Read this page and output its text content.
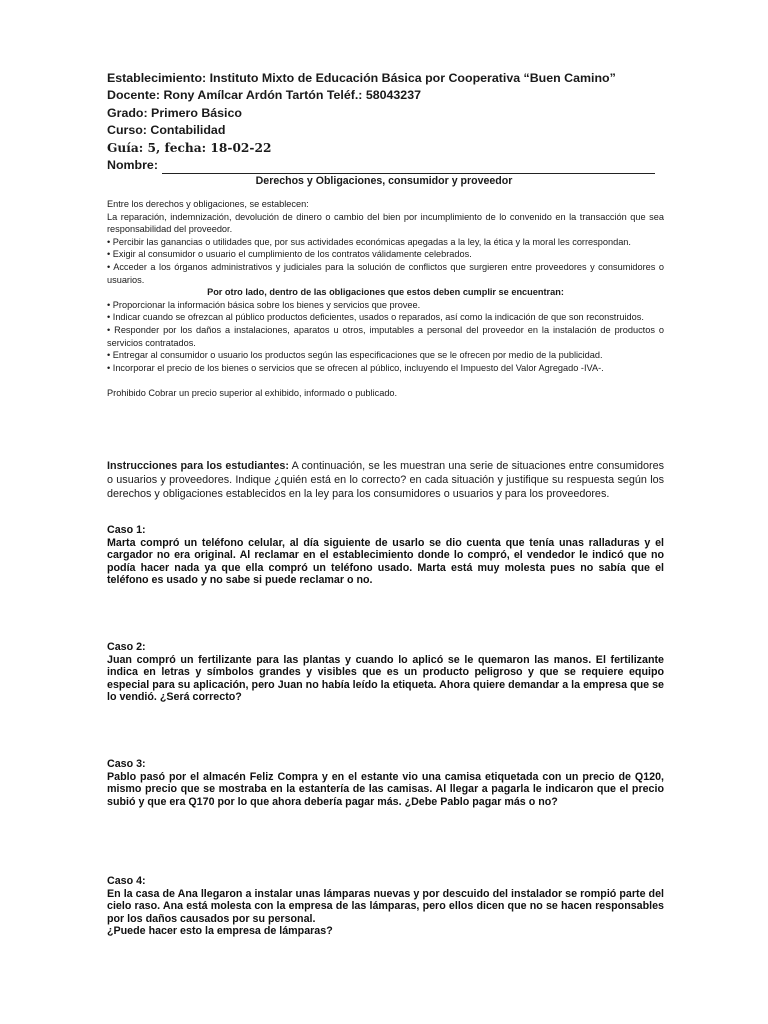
Establecimiento: Instituto Mixto de Educación Básica por Cooperativa “Buen Camino”
Docente: Rony Amílcar Ardón Tartón Teléf.: 58043237
Grado: Primero Básico
Curso: Contabilidad
Guía: 5, fecha: 18-02-22
Nombre:
Derechos y Obligaciones, consumidor y proveedor

Entre los derechos y obligaciones, se establecen:

La reparación, indemnización, devolución de dinero o cambio del bien por incumplimiento de lo convenido en la transacción que sea responsabilidad del proveedor.

• Percibir las ganancias o utilidades que, por sus actividades económicas apegadas a la ley, la ética y la moral les correspondan.

• Exigir al consumidor o usuario el cumplimiento de los contratos válidamente celebrados.

• Acceder a los órganos administrativos y judiciales para la solución de conflictos que surgieren entre proveedores y consumidores o usuarios.

Por otro lado, dentro de las obligaciones que estos deben cumplir se encuentran:

• Proporcionar la información básica sobre los bienes y servicios que provee.

• Indicar cuando se ofrezcan al público productos deficientes, usados o reparados, así como la indicación de que son reconstruidos.

• Responder por los daños a instalaciones, aparatos u otros, imputables a personal del proveedor en la instalación de productos o servicios contratados.

• Entregar al consumidor o usuario los productos según las especificaciones que se le ofrecen por medio de la publicidad.

• Incorporar el precio de los bienes o servicios que se ofrecen al público, incluyendo el Impuesto del Valor Agregado -IVA-.

Prohibido Cobrar un precio superior al exhibido, informado o publicado.

Instrucciones para los estudiantes: A continuación, se les muestran una serie de situaciones entre consumidores o usuarios y proveedores. Indique ¿quién está en lo correcto? en cada situación y justifique su respuesta según los derechos y obligaciones establecidos en la ley para los consumidores o usuarios y para los proveedores.

Caso 1:

Marta compró un teléfono celular, al día siguiente de usarlo se dio cuenta que tenía unas ralladuras y el cargador no era original. Al reclamar en el establecimiento donde lo compró, el vendedor le indicó que no podía hacer nada ya que ella compró un teléfono usado. Marta está muy molesta pues no sabía que el teléfono es usado y no sabe si puede reclamar o no.

Caso 2:

Juan compró un fertilizante para las plantas y cuando lo aplicó se le quemaron las manos. El fertilizante indica en letras y símbolos grandes y visibles que es un producto peligroso y que se requiere equipo especial para su aplicación, pero Juan no había leído la etiqueta. Ahora quiere demandar a la empresa que se lo vendió. ¿Será correcto?

Caso 3:

Pablo pasó por el almacén Feliz Compra y en el estante vio una camisa etiquetada con un precio de Q120, mismo precio que se mostraba en la estantería de las camisas. Al llegar a pagarla le indicaron que el precio subió y que era Q170 por lo que ahora debería pagar más. ¿Debe Pablo pagar más o no?

Caso 4:

En la casa de Ana llegaron a instalar unas lámparas nuevas y por descuido del instalador se rompió parte del cielo raso. Ana está molesta con la empresa de las lámparas, pero ellos dicen que no se hacen responsables por los daños causados por su personal.

¿Puede hacer esto la empresa de lámparas?
